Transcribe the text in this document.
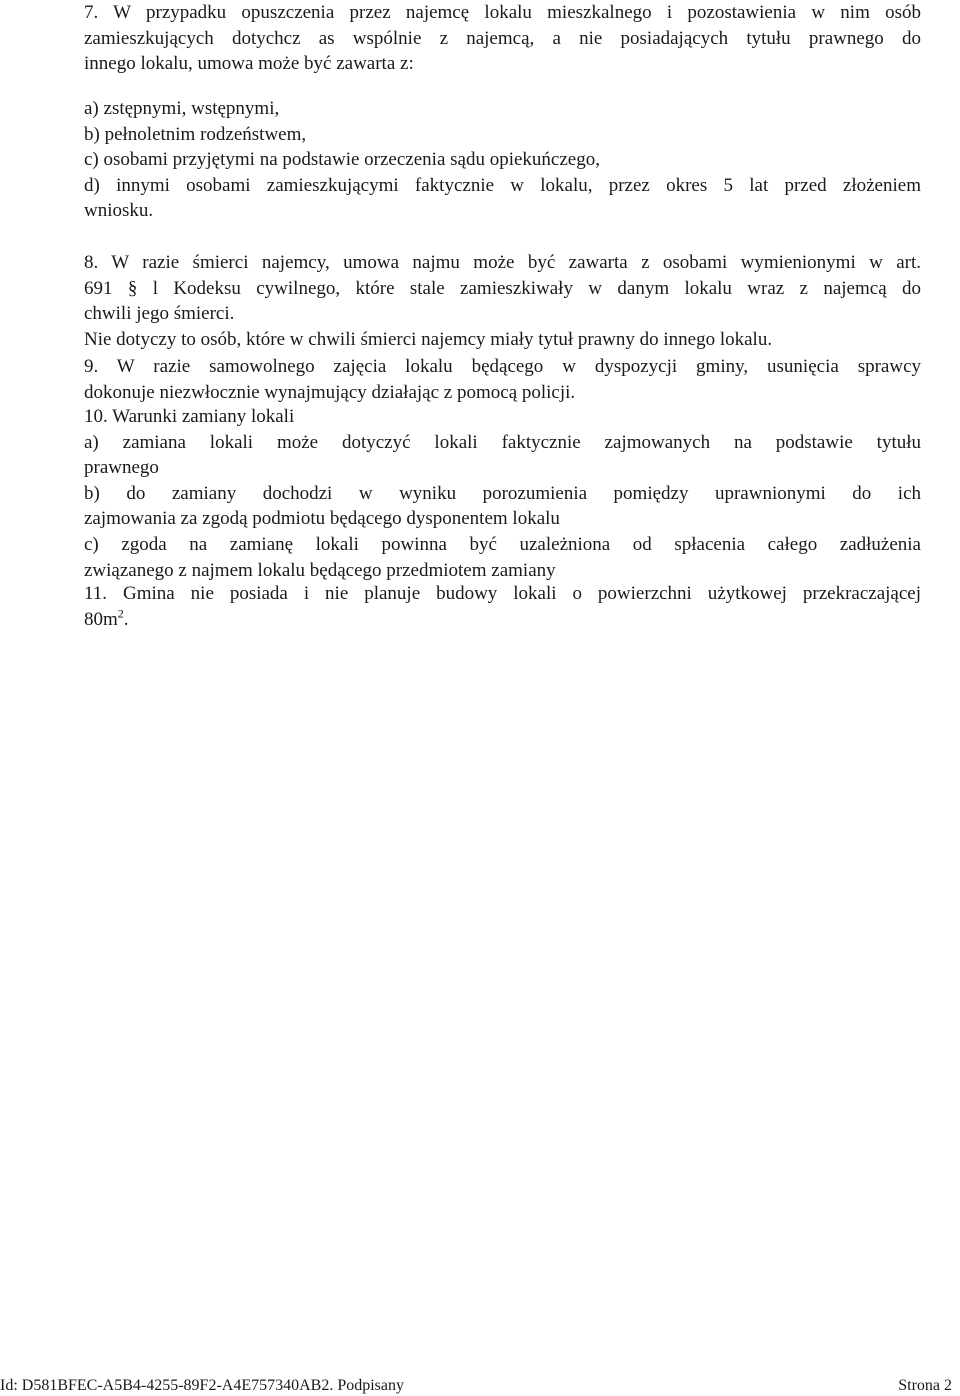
7. W przypadku opuszczenia przez najemcę lokalu mieszkalnego i pozostawienia w nim osób
zamieszkujących dotychcz as wspólnie z najemcą, a nie posiadających tytułu prawnego do
innego lokalu, umowa może być zawarta z:
a) zstępnymi, wstępnymi,
b) pełnoletnim rodzeństwem,
c) osobami przyjętymi na podstawie orzeczenia sądu opiekuńczego,
d) innymi osobami zamieszkującymi faktycznie w lokalu, przez okres 5 lat przed złożeniem
wniosku.
8. W razie śmierci najemcy, umowa najmu może być zawarta z osobami wymienionymi w art.
691 § l Kodeksu cywilnego, które stale zamieszkiwały w danym lokalu wraz z najemcą do
chwili jego śmierci.
Nie dotyczy to osób, które w chwili śmierci najemcy miały tytuł prawny do innego lokalu.
9. W razie samowolnego zajęcia lokalu będącego w dyspozycji gminy, usunięcia sprawcy
dokonuje niezwłocznie wynajmujący działając z pomocą policji.
10. Warunki zamiany lokali
a) zamiana lokali może dotyczyć lokali faktycznie zajmowanych na podstawie tytułu
prawnego
b) do zamiany dochodzi w wyniku porozumienia pomiędzy uprawnionymi do ich
zajmowania za zgodą podmiotu będącego dysponentem lokalu
c) zgoda na zamianę lokali powinna być uzależniona od spłacenia całego zadłużenia
związanego z najmem lokalu będącego przedmiotem zamiany
11. Gmina nie posiada i nie planuje budowy lokali o powierzchni użytkowej przekraczającej
$80m^2$.
Id: D581BFEC-A5B4-4255-89F2-A4E757340AB2. Podpisany	Strona 2
